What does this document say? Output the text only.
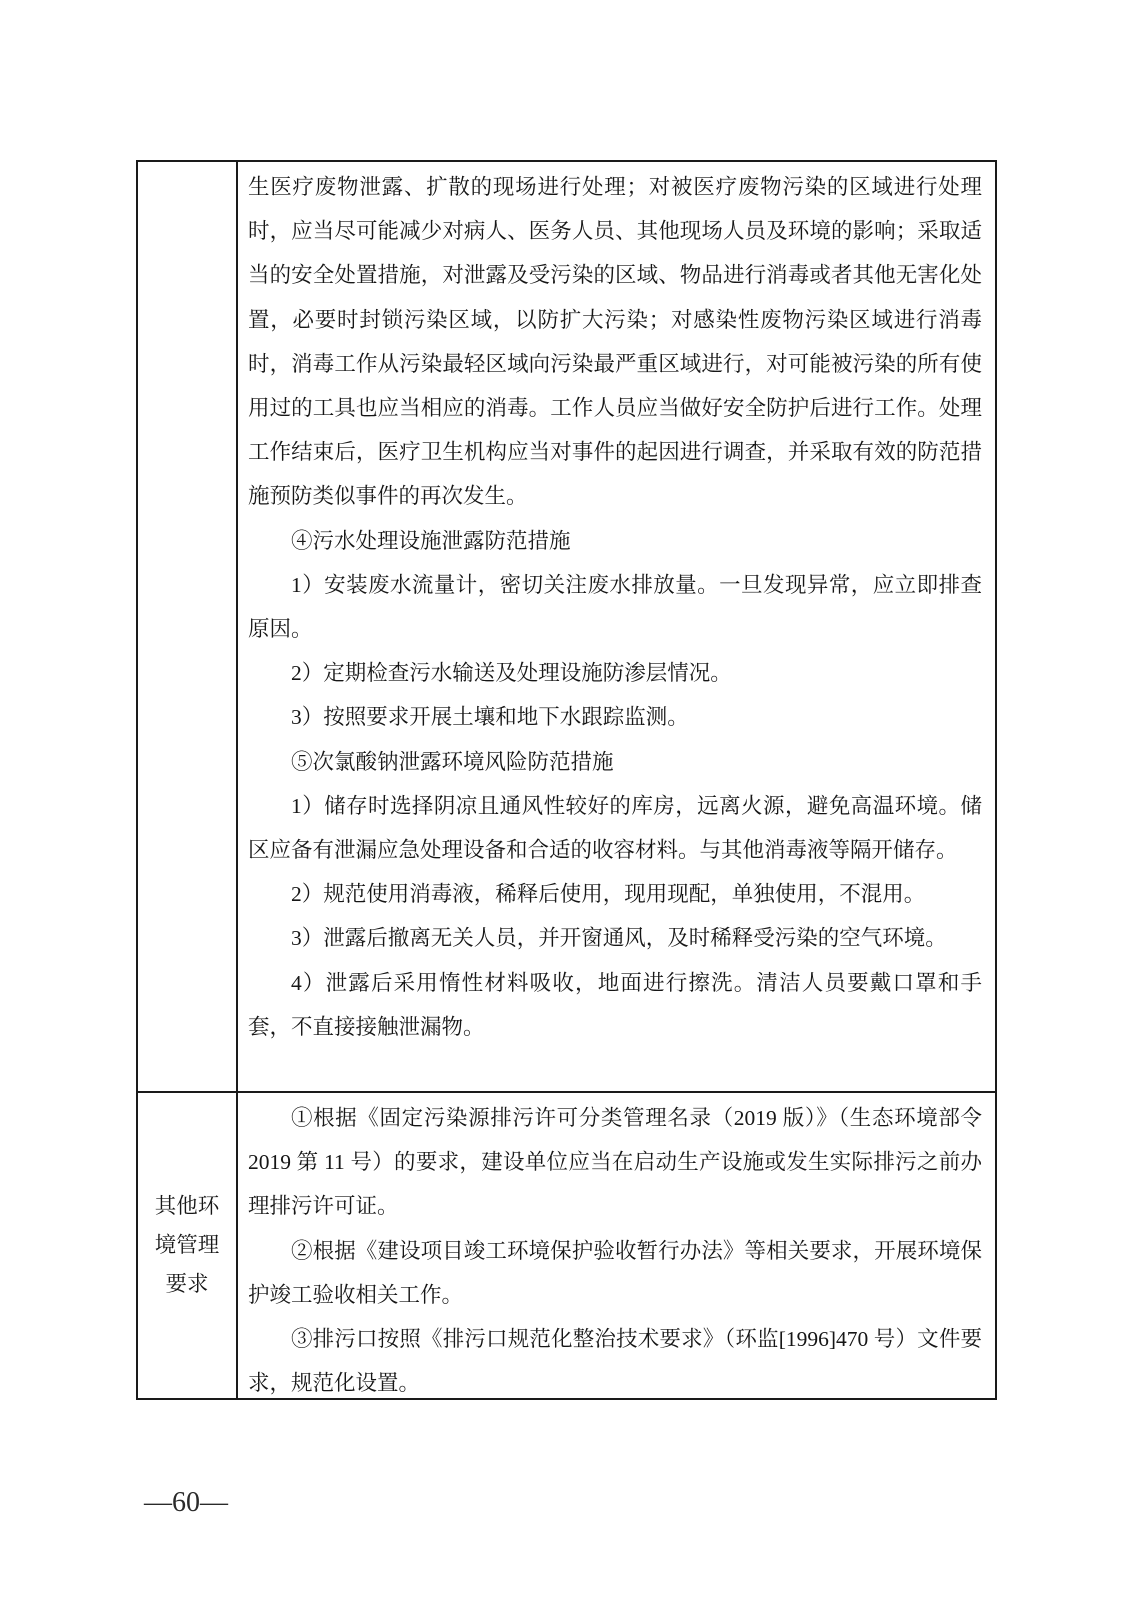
生医疗废物泄露、扩散的现场进行处理；对被医疗废物污染的区域进行处理时，应当尽可能减少对病人、医务人员、其他现场人员及环境的影响；采取适当的安全处置措施，对泄露及受污染的区域、物品进行消毒或者其他无害化处置，必要时封锁污染区域，以防扩大污染；对感染性废物污染区域进行消毒时，消毒工作从污染最轻区域向污染最严重区域进行，对可能被污染的所有使用过的工具也应当相应的消毒。工作人员应当做好安全防护后进行工作。处理工作结束后，医疗卫生机构应当对事件的起因进行调查，并采取有效的防范措施预防类似事件的再次发生。

④污水处理设施泄露防范措施

1）安装废水流量计，密切关注废水排放量。一旦发现异常，应立即排查原因。

2）定期检查污水输送及处理设施防渗层情况。

3）按照要求开展土壤和地下水跟踪监测。

⑤次氯酸钠泄露环境风险防范措施

1）储存时选择阴凉且通风性较好的库房，远离火源，避免高温环境。储区应备有泄漏应急处理设备和合适的收容材料。与其他消毒液等隔开储存。

2）规范使用消毒液，稀释后使用，现用现配，单独使用，不混用。

3）泄露后撤离无关人员，并开窗通风，及时稀释受污染的空气环境。

4）泄露后采用惰性材料吸收，地面进行擦洗。清洁人员要戴口罩和手套，不直接接触泄漏物。

其他环境管理要求

①根据《固定污染源排污许可分类管理名录（2019 版）》（生态环境部令 2019 第 11 号）的要求，建设单位应当在启动生产设施或发生实际排污之前办理排污许可证。

②根据《建设项目竣工环境保护验收暂行办法》等相关要求，开展环境保护竣工验收相关工作。

③排污口按照《排污口规范化整治技术要求》（环监[1996]470 号）文件要求，规范化设置。

—60—
